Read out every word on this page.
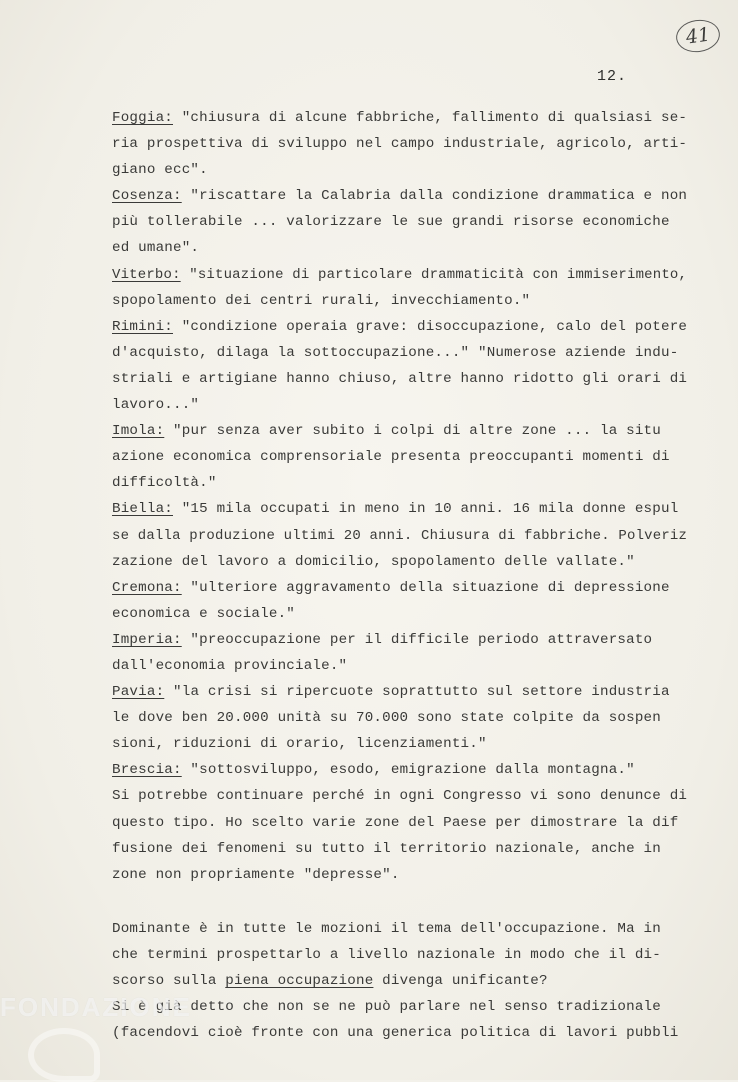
41
12.
Foggia: "chiusura di alcune fabbriche, fallimento di qualsiasi se-
ria prospettiva di sviluppo nel campo industriale, agricolo, arti-
giano ecc".
Cosenza: "riscattare la Calabria dalla condizione drammatica e non
più tollerabile ... valorizzare le sue grandi risorse economiche
ed umane".
Viterbo: "situazione di particolare drammaticità con immiserimento,
spopolamento dei centri rurali, invecchiamento."
Rimini: "condizione operaia grave: disoccupazione, calo del potere
d'acquisto, dilaga la sottoccupazione..." "Numerose aziende indu-
striali e artigiane hanno chiuso, altre hanno ridotto gli orari di
lavoro..."
Imola: "pur senza aver subito i colpi di altre zone ... la situ
azione economica comprensoriale presenta preoccupanti momenti di
difficoltà."
Biella: "15 mila occupati in meno in 10 anni. 16 mila donne espul
se dalla produzione ultimi 20 anni. Chiusura di fabbriche. Polveriz
zazione del lavoro a domicilio, spopolamento delle vallate."
Cremona: "ulteriore aggravamento della situazione di depressione
economica e sociale."
Imperia: "preoccupazione per il difficile periodo attraversato
dall'economia provinciale."
Pavia: "la crisi si ripercuote soprattutto sul settore industria
le dove ben 20.000 unità su 70.000 sono state colpite da sospen
sioni, riduzioni di orario, licenziamenti."
Brescia: "sottosviluppo, esodo, emigrazione dalla montagna."
Si potrebbe continuare perché in ogni Congresso vi sono denunce di
questo tipo. Ho scelto varie zone del Paese per dimostrare la dif
fusione dei fenomeni su tutto il territorio nazionale, anche in
zone non propriamente "depresse".
Dominante è in tutte le mozioni il tema dell'occupazione. Ma in
che termini prospettarlo a livello nazionale in modo che il di-
scorso sulla piena occupazione divenga unificante?
Si è già detto che non se ne può parlare nel senso tradizionale
(facendovi cioè fronte con una generica politica di lavori pubbli
FONDAZIONE
